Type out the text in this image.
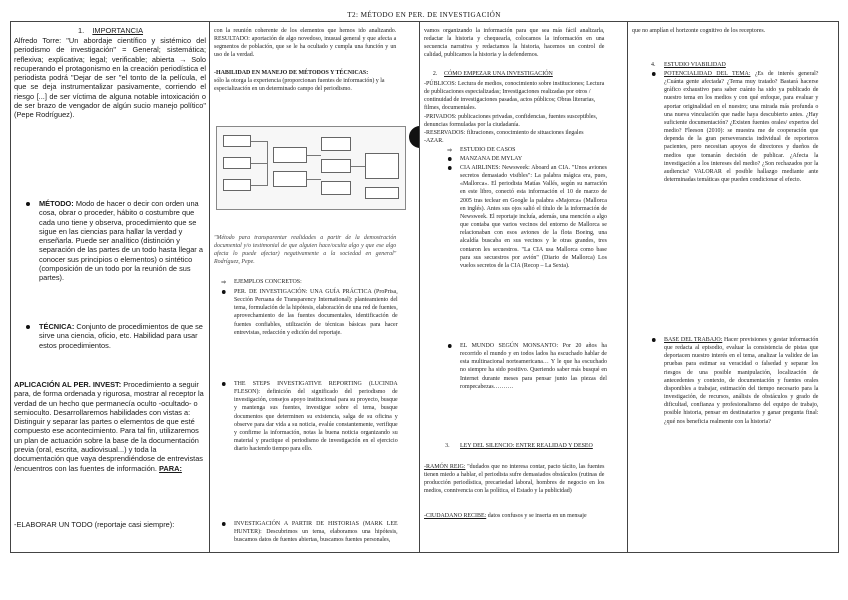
T2: MÉTODO EN PER. DE INVESTIGACIÓN
1. IMPORTANCIA
Alfredo Torre: "Un abordaje científico y sistémico del periodismo de investigación" = General; sistemática; reflexiva; explicativa; legal; verificable; abierta → Solo recuperando el protagonismo en la creación periodística el periodista podrá "Dejar de ser "el tonto de la película, el que se deja instrumentalizar pasivamente, corriendo el riesgo [...] de ser víctima de alguna notable intoxicación o de ser brazo de vengador de algún sucio manejo político" (Pepe Rodríguez).
MÉTODO: Modo de hacer o decir con orden una cosa, obrar o proceder, hábito o costumbre que cada uno tiene y observa, procedimiento que se sigue en las ciencias para hallar la verdad y enseñarla. Puede ser analítico (distinción y separación de las partes de un todo hasta llegar a conocer sus principios o elementos) o sintético (composición de un todo por la reunión de sus partes).
TÉCNICA: Conjunto de procedimientos de que se sirve una ciencia, oficio, etc. Habilidad para usar estos procedimientos.
APLICACIÓN AL PER. INVEST: Procedimiento a seguir para, de forma ordenada y rigurosa, mostrar al receptor la verdad de un hecho que permanecía oculto -ocultado- o semioculto. Desarrollaremos habilidades con vistas a: Distinguir y separar las partes o elementos de que esté compuesto ese acontecimiento. Para tal fin, utilizaremos un plan de actuación sobre la base de la documentación previa (oral, escrita, audiovisual...) y toda la documentación que vaya desprendiéndose de entrevistas /encuentros con las fuentes de información. PARA:
-ELABORAR UN TODO (reportaje casi siempre):
con la reunión coherente de los elementos que hemos ido analizando. RESULTADO: aportación de algo novedoso, inusual general y que afecta a segmentos de población, que se le ha ocultado y cumpla una función y un uso de la verdad.
-HABILIDAD EN MANEJO DE MÉTODOS Y TÉCNICAS:
sólo la otorga la experiencia (proporcionan fuentes de información) y la especialización en un determinado campo del periodismo.
"Método para transparentar realidades a partir de la demostración documental y/o testimonial de que alguien hace/oculta algo y que ese algo afecta lo puede afectar) negativamente a la sociedad en general" Rodríguez, Pepe.
⇒ EJEMPLOS CONCRETOS:
PER. DE INVESTIGACIÓN: UNA GUÍA PRÁCTICA (ProPrisa, Sección Peruana de Transparency International): planteamiento del tema, formulación de la hipótesis, elaboración de una red de fuentes, aprovechamiento de las fuentes documentales, identificación de fuentes confiables, utilización de técnicas básicas para hacer entrevistas, redacción y edición del reportaje.
THE STEPS INVESTIGATIVE REPORTING (LUCINDA FLESON): definición del significado del periodismo de investigación, consejos apoyo institucional para su proyecto, busque y mantenga sus fuentes, investigue sobre el tema, busque documentos que determinen su existencia, salga de su oficina y observe para dar vida a su noticia, evalúe constantemente, verifique y confirme la información, notas la buena noticia organizando su material y practique el periodismo de investigación en el ejercicio diario haciendo tiempo para ello.
INVESTIGACIÓN A PARTIR DE HISTORIAS (MARK LEE HUNTER): Descubrimos un tema, elaboramos una hipótesis, buscamos datos de fuentes abiertas, buscamos fuentes personales,
vamos organizando la información para que sea más fácil analizarla, redactar la historia y chequearla, colocamos la información en una secuencia narrativa y redactamos la historia, hacemos un control de calidad, publicamos la historia y la defendemos.
2. CÓMO EMPEZAR UNA INVESTIGACIÓN
-PÚBLICOS: Lectura de medios, conocimiento sobre instituciones; Lectura de publicaciones especializadas; Investigaciones realizadas por otros / continuidad de investigaciones pasadas, actos públicos; Obras literarias, filmes, documentales.
-PRIVADOS: publicaciones privadas, confidencias, fuentes susceptibles, denuncias formuladas por la ciudadanía.
-RESERVADOS: filtraciones, conocimiento de situaciones ilegales
-AZAR.
⇒ ESTUDIO DE CASOS
MANZANA DE MYLAY
CIA AIRLINES: Newsweek: Aboard an CIA. "Unos aviones secretos demasiado visibles": La palabra mágica era, pues, «Mallorca». El periodista Matías Vallés, según su narración en este libro, conectó esta información el 10 de marzo de 2005 tras teclear en Google la palabra «Majorca» (Mallorca en inglés). Antes sus ojos salió el título de la información de Newsweek. El reportaje incluía, además, una mención a algo que contaba que varios vecinos del entorno de Mallorca se relacionaban con esos aviones de la flota Boeing, una alcaldía buscaba en sus vecinos y le otras grandes, tres contaron les secuestros. "La CIA usa Mallorca como base para sus secuestros por avión" (Diario de Mallorca) Los vuelos secretos de la CIA (Recop – La Sexta).
EL MUNDO SEGÚN MONSANTO: Por 20 años ha recorrido el mundo y en todos lados ha escuchado hablar de esta multinacional norteamericana… Y le que ha escuchado no siempre ha sido positivo. Queriendo saber más busqué en Internet durante meses para pensar junto las piezas del rompecabezas……….
3. LEY DEL SILENCIO: ENTRE REALIDAD Y DESEO
-RAMÓN REIG: "dudados que no interesa contar, pacto tácito, las fuentes tienen miedo a hablar, el periodista sufre demasiados obstáculos (rutinas de producción periodística, precariedad laboral, hombres de negocio en los medios, connivencia con la política, el Estado y la publicidad)
-CIUDADANO RECIBE: datos confusos y se inserta en un mensaje
que no amplían el horizonte cognitivo de los receptores.
4. ESTUDIO VIABILIDAD
POTENCIALIDAD DEL TEMA: ¿Es de interés general? ¿Cuánta gente afectada? ¿Tema muy tratado? Bastará hacerse gráfico exhaustivo para saber cuánto ha sido ya publicado de nuestro tema en los medios y con qué enfoque, para evaluar y aportar originalidad en el nuestro; una mirada más profunda o una nueva vinculación que nadie haya descubierto antes. ¿Hay suficiente documentación? ¿Existen fuentes orales/ expertos del medio? Fleeson (2010): se muestra me de cooperación que dependa de la gran perseverancia individual de reporteros pacientes, pero necesitan apoyos de directores y dueños de medios que tomarán decisión de publicar. ¿Afecta la investigación a los intereses del medio? ¿Son rechazados por la audiencia? VALORAR el posible hallazgo mediante ante determinadas temáticas que pueden condicionar el efecto.
BASE DEL TRABAJO: Hacer previsiones y gestar información que redacta al episodio, evaluar la consistencia de pistas que deportacen nuestro interés en el tema, analizar la validez de las pruebas para estimar su veracidad o falsedad y separar los riesgos de una posible manipulación, localización de antecedentes y contexto, de documentación y fuentes orales disponibles a trabajar, estimación del tiempo necesario para la investigación, de recursos, análisis de obstáculos y grado de dificultad, confianza y profesionalismo del equipo de trabajo, posible historia, pensar en destinatarios y ganar pregunta final: ¿qué nos beneficia realmente con la historia?
